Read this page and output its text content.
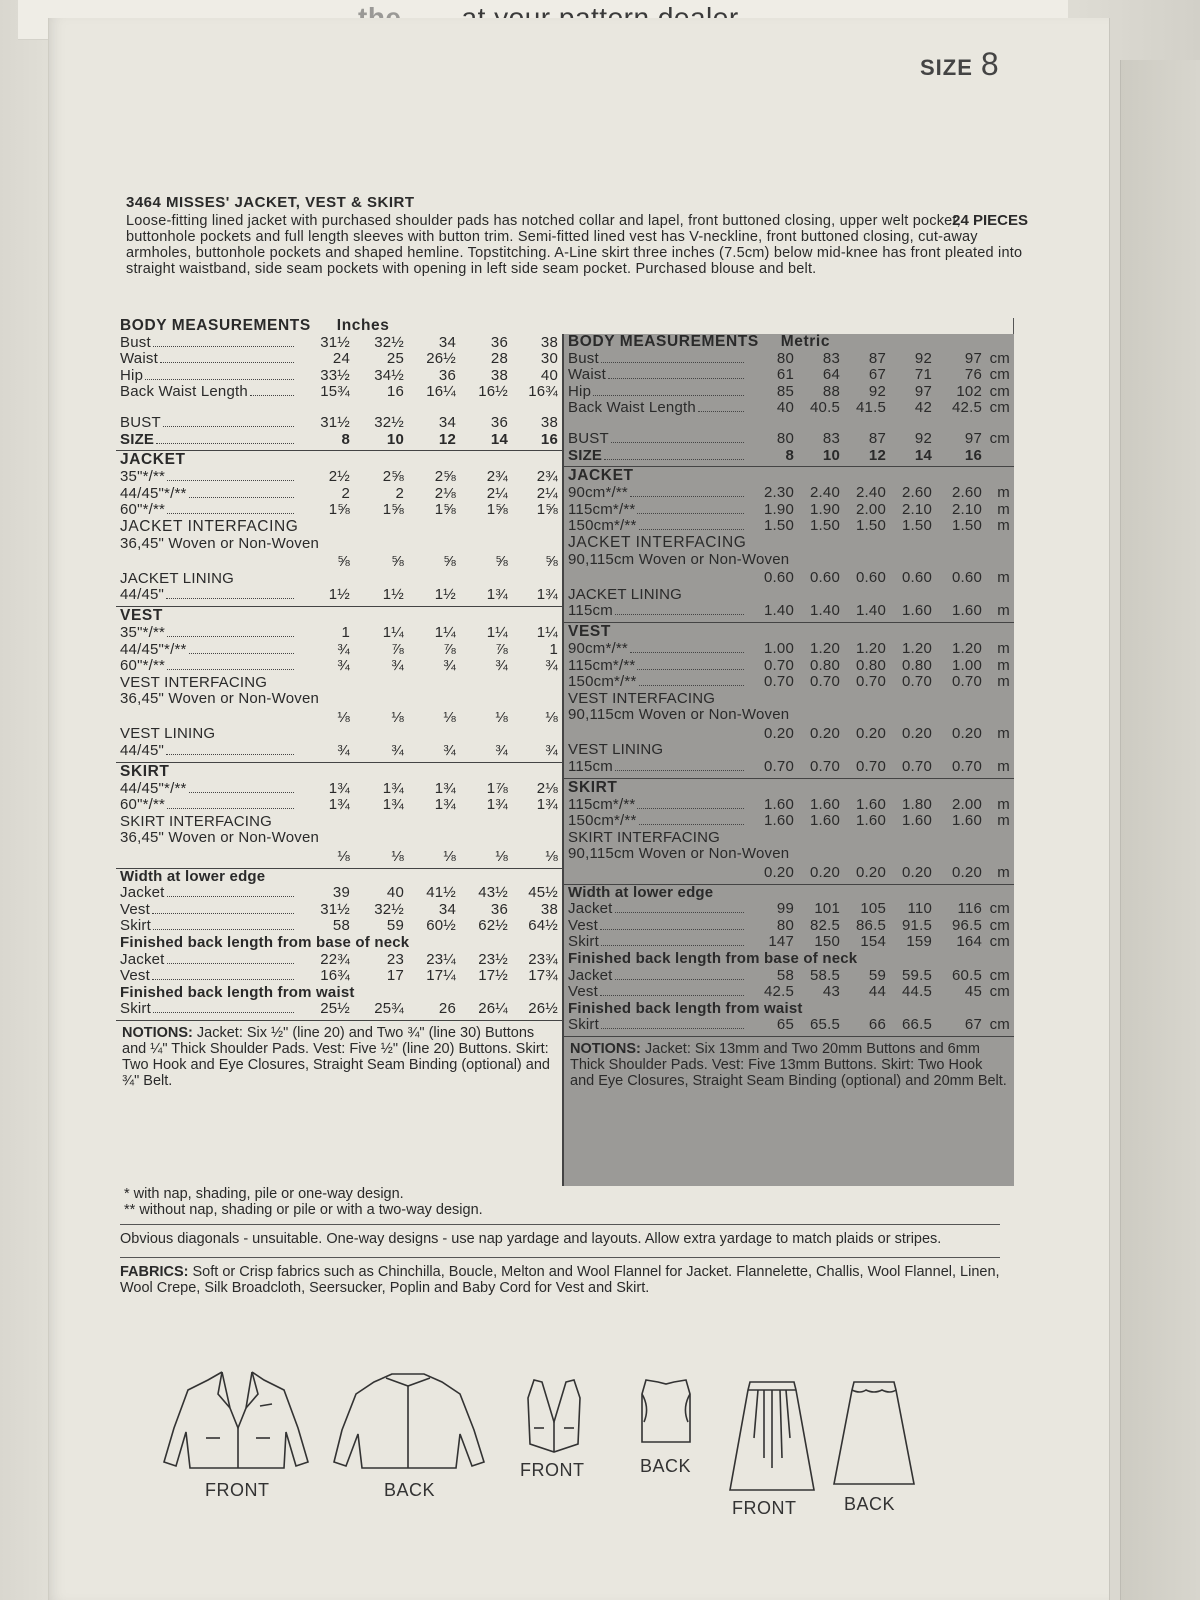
SIZE 8
3464 MISSES' JACKET, VEST & SKIRT
24 PIECES
Loose-fitting lined jacket with purchased shoulder pads has notched collar and lapel, front buttoned closing, upper welt pocket, buttonhole pockets and full length sleeves with button trim. Semi-fitted lined vest has V-neckline, front buttoned closing, cut-away armholes, buttonhole pockets and shaped hemline. Topstitching. A-Line skirt three inches (7.5cm) below mid-knee has front pleated into straight waistband, side seam pockets with opening in left side seam pocket. Purchased blouse and belt.
BODY MEASUREMENTS Inches
Bust	31½	32½	34	36	38
Waist	24	25	26½	28	30
Hip	33½	34½	36	38	40
Back Waist Length	15¾	16	16¼	16½	16¾
BUST	31½	32½	34	36	38
SIZE	8	10	12	14	16
JACKET
35"*/**	2½	2⅝	2⅝	2¾	2¾
44/45"*/**	2	2	2⅛	2¼	2¼
60"*/**	1⅝	1⅝	1⅝	1⅝	1⅝
JACKET INTERFACING
36,45" Woven or Non-Woven
⅝	⅝	⅝	⅝	⅝
JACKET LINING
44/45"	1½	1½	1½	1¾	1¾
VEST
35"*/**	1	1¼	1¼	1¼	1¼
44/45"*/**	¾	⅞	⅞	⅞	1
60"*/**	¾	¾	¾	¾	¾
VEST INTERFACING
36,45" Woven or Non-Woven
⅛	⅛	⅛	⅛	⅛
VEST LINING
44/45"	¾	¾	¾	¾	¾
SKIRT
44/45"*/**	1¾	1¾	1¾	1⅞	2⅛
60"*/**	1¾	1¾	1¾	1¾	1¾
SKIRT INTERFACING
36,45" Woven or Non-Woven
⅛	⅛	⅛	⅛	⅛
Width at lower edge
Jacket	39	40	41½	43½	45½
Vest	31½	32½	34	36	38
Skirt	58	59	60½	62½	64½
Finished back length from base of neck
Jacket	22¾	23	23¼	23½	23¾
Vest	16¾	17	17¼	17½	17¾
Finished back length from waist
Skirt	25½	25¾	26	26¼	26½
NOTIONS: Jacket: Six ½" (line 20) and Two ¾" (line 30) Buttons and ¼" Thick Shoulder Pads. Vest: Five ½" (line 20) Buttons. Skirt: Two Hook and Eye Closures, Straight Seam Binding (optional) and ¾" Belt.
BODY MEASUREMENTS Metric
Bust	80	83	87	92	97 cm
Waist	61	64	67	71	76 cm
Hip	85	88	92	97	102 cm
Back Waist Length	40	40.5	41.5	42	42.5 cm
BUST	80	83	87	92	97 cm
SIZE	8	10	12	14	16
JACKET
90cm*/**	2.30	2.40	2.40	2.60	2.60	m
115cm*/**	1.90	1.90	2.00	2.10	2.10	m
150cm*/**	1.50	1.50	1.50	1.50	1.50	m
JACKET INTERFACING
90,115cm Woven or Non-Woven
0.60	0.60	0.60	0.60	0.60	m
JACKET LINING
115cm	1.40	1.40	1.40	1.60	1.60	m
VEST
90cm*/**	1.00	1.20	1.20	1.20	1.20	m
115cm*/**	0.70	0.80	0.80	0.80	1.00	m
150cm*/**	0.70	0.70	0.70	0.70	0.70	m
VEST INTERFACING
90,115cm Woven or Non-Woven
0.20	0.20	0.20	0.20	0.20	m
VEST LINING
115cm	0.70	0.70	0.70	0.70	0.70	m
SKIRT
115cm*/**	1.60	1.60	1.60	1.80	2.00	m
150cm*/**	1.60	1.60	1.60	1.60	1.60	m
SKIRT INTERFACING
90,115cm Woven or Non-Woven
0.20	0.20	0.20	0.20	0.20	m
Width at lower edge
Jacket	99	101	105	110	116 cm
Vest	80	82.5	86.5	91.5	96.5 cm
Skirt	147	150	154	159	164 cm
Finished back length from base of neck
Jacket	58	58.5	59	59.5	60.5 cm
Vest	42.5	43	44	44.5	45 cm
Finished back length from waist
Skirt	65	65.5	66	66.5	67 cm
NOTIONS: Jacket: Six 13mm and Two 20mm Buttons and 6mm Thick Shoulder Pads. Vest: Five 13mm Buttons. Skirt: Two Hook and Eye Closures, Straight Seam Binding (optional) and 20mm Belt.
* with nap, shading, pile or one-way design.
** without nap, shading or pile or with a two-way design.
Obvious diagonals - unsuitable. One-way designs - use nap yardage and layouts. Allow extra yardage to match plaids or stripes.
FABRICS: Soft or Crisp fabrics such as Chinchilla, Boucle, Melton and Wool Flannel for Jacket. Flannelette, Challis, Wool Flannel, Linen, Wool Crepe, Silk Broadcloth, Seersucker, Poplin and Baby Cord for Vest and Skirt.
FRONT	BACK
FRONT	BACK
FRONT	BACK
